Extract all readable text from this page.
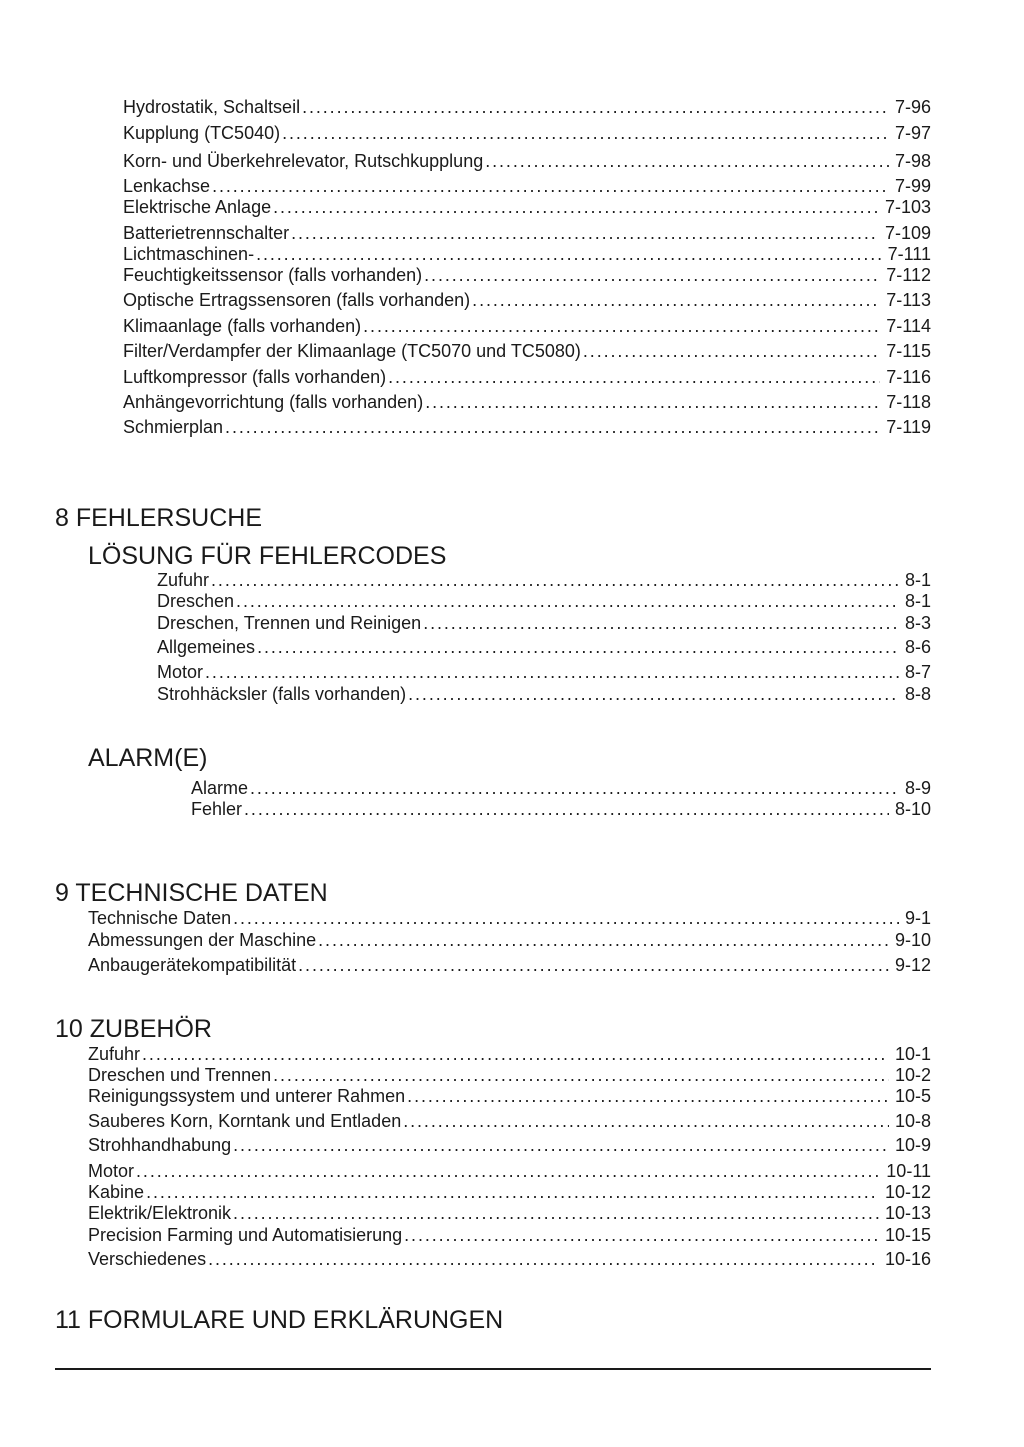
Hydrostatik, Schaltseil .....	7-96
Kupplung (TC5040) .....	7-97
Korn- und Überkehrelevator, Rutschkupplung .....	7-98
Lenkachse .....	7-99
Elektrische Anlage .....	7-103
Batterietrennschalter .....	7-109
Lichtmaschinen- .....	7-111
Feuchtigkeitssensor (falls vorhanden) .....	7-112
Optische Ertragssensoren (falls vorhanden) .....	7-113
Klimaanlage (falls vorhanden) .....	7-114
Filter/Verdampfer der Klimaanlage (TC5070 und TC5080) .....	7-115
Luftkompressor (falls vorhanden) .....	7-116
Anhängevorrichtung (falls vorhanden) .....	7-118
Schmierplan .....	7-119
8 FEHLERSUCHE
LÖSUNG FÜR FEHLERCODES
Zufuhr .....	8-1
Dreschen .....	8-1
Dreschen, Trennen und Reinigen .....	8-3
Allgemeines .....	8-6
Motor .....	8-7
Strohhäcksler (falls vorhanden) .....	8-8
ALARM(E)
Alarme .....	8-9
Fehler .....	8-10
9 TECHNISCHE DATEN
Technische Daten .....	9-1
Abmessungen der Maschine .....	9-10
Anbaugerätekompatibilität .....	9-12
10 ZUBEHÖR
Zufuhr .....	10-1
Dreschen und Trennen .....	10-2
Reinigungssystem und unterer Rahmen .....	10-5
Sauberes Korn, Korntank und Entladen .....	10-8
Strohhandhabung .....	10-9
Motor .....	10-11
Kabine .....	10-12
Elektrik/Elektronik .....	10-13
Precision Farming und Automatisierung .....	10-15
Verschiedenes .....	10-16
11 FORMULARE UND ERKLÄRUNGEN
